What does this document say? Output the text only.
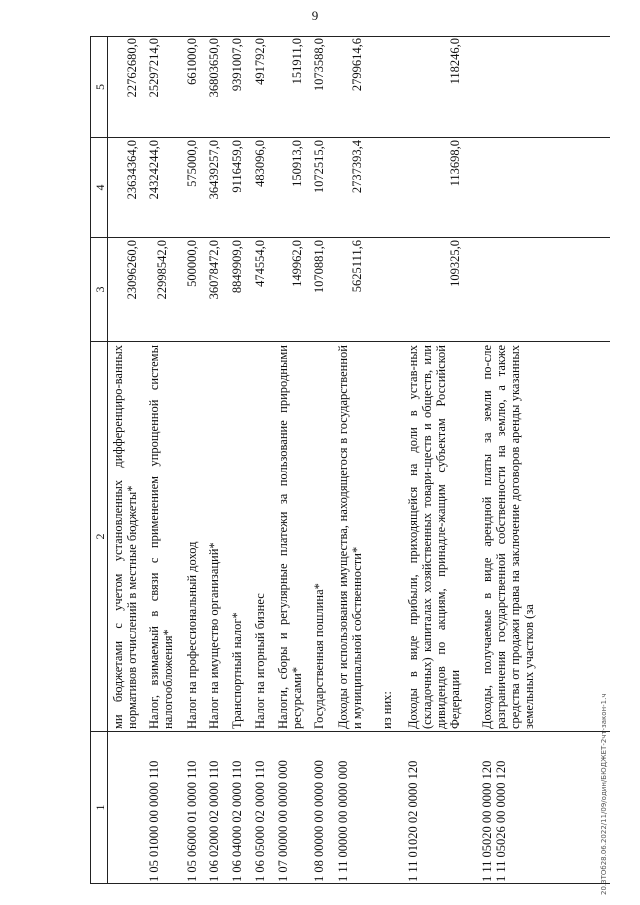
9
20.3ТОб28.06.2022/11/09/один/БЮДЖЕТ-2чт-закон-1.ч
1
2
3
4
5
ми бюджетами с учетом установленных дифференциро-ванных нормативов отчислений в местные бюджеты*
23096260,0
23634364,0
22762680,0
1 05 01000 00 0000 110
Налог, взимаемый в связи с применением упрощенной системы налогообложения*
22998542,0
24324244,0
25297214,0
1 05 06000 01 0000 110
Налог на профессиональный доход
500000,0
575000,0
661000,0
1 06 02000 02 0000 110
Налог на имущество организаций*
36078472,0
36439257,0
36803650,0
1 06 04000 02 0000 110
Транспортный налог*
8849909,0
9116459,0
9391007,0
1 06 05000 02 0000 110
Налог на игорный бизнес
474554,0
483096,0
491792,0
1 07 00000 00 0000 000
Налоги, сборы и регулярные платежи за пользование природными ресурсами*
149962,0
150913,0
151911,0
1 08 00000 00 0000 000
Государственная пошлина*
1070881,0
1072515,0
1073588,0
1 11 00000 00 0000 000
Доходы от использования имущества, находящегося в государственной и муниципальной собственности*
5625111,6
2737393,4
2799614,6
из них:
1 11 01020 02 0000 120
Доходы в виде прибыли, приходящейся на доли в устав-ных (складочных) капиталах хозяйственных товари-ществ и обществ, или дивидендов по акциям, принадле-жащим субъектам Российской Федерации
109325,0
113698,0
118246,0
1 11 05020 00 0000 120 1 11 05026 00 0000 120
Доходы, получаемые в виде арендной платы за земли по-сле разграничения государственной собственности на землю, а также средства от продажи права на заключение договоров аренды указанных земельных участков (за
